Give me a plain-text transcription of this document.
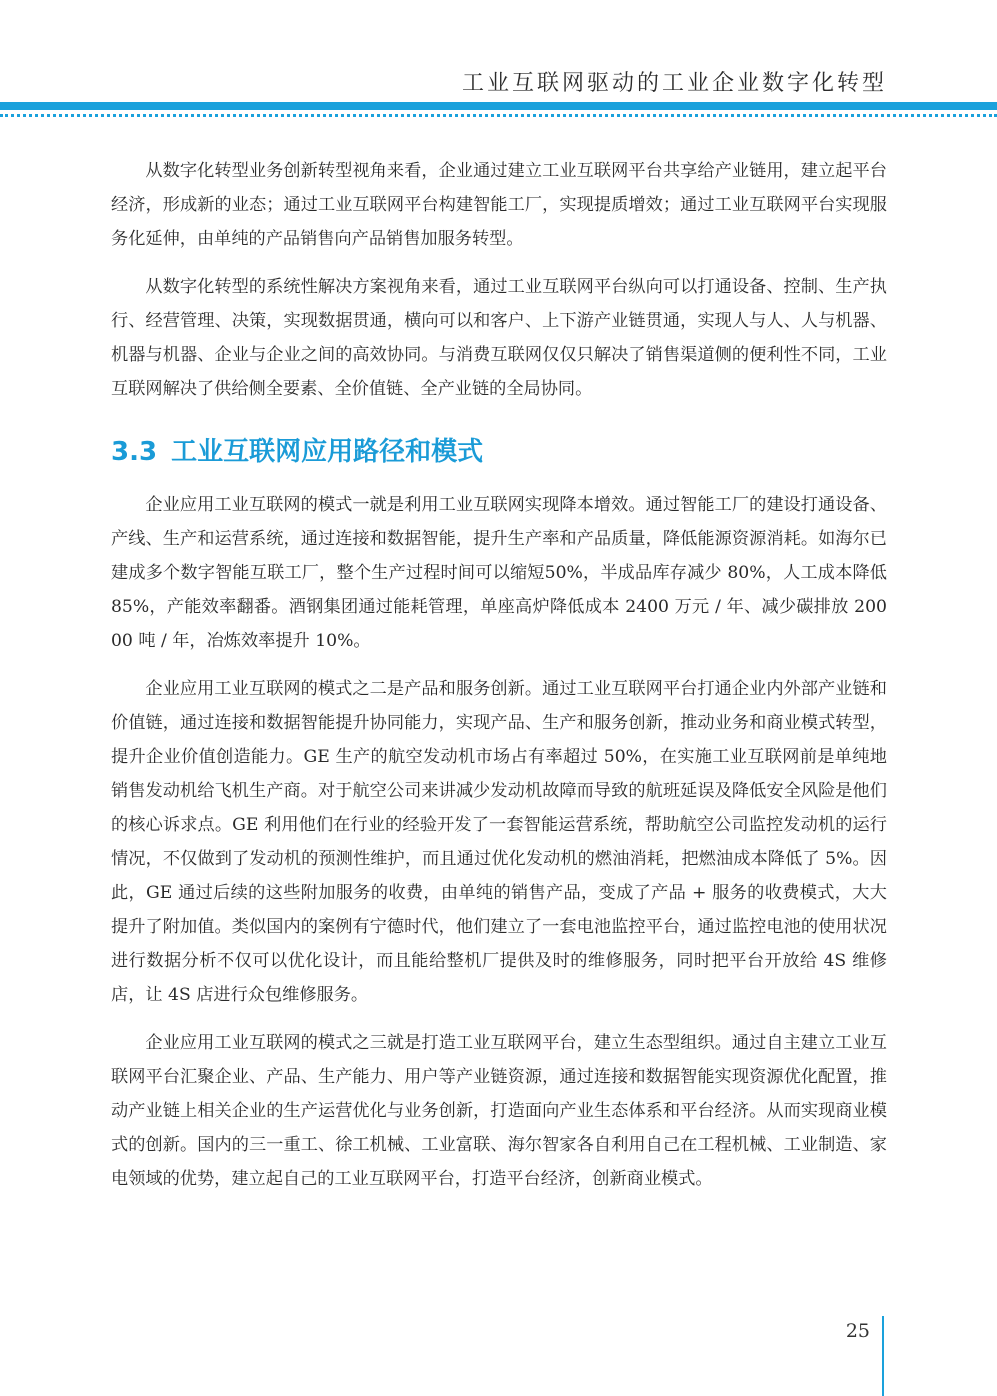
工业互联网驱动的工业企业数字化转型

从数字化转型业务创新转型视角来看，企业通过建立工业互联网平台共享给产业链用，建立起平台经济，形成新的业态；通过工业互联网平台构建智能工厂，实现提质增效；通过工业互联网平台实现服务化延伸，由单纯的产品销售向产品销售加服务转型。

从数字化转型的系统性解决方案视角来看，通过工业互联网平台纵向可以打通设备、控制、生产执行、经营管理、决策，实现数据贯通，横向可以和客户、上下游产业链贯通，实现人与人、人与机器、机器与机器、企业与企业之间的高效协同。与消费互联网仅仅只解决了销售渠道侧的便利性不同，工业互联网解决了供给侧全要素、全价值链、全产业链的全局协同。

3.3 工业互联网应用路径和模式

企业应用工业互联网的模式一就是利用工业互联网实现降本增效。通过智能工厂的建设打通设备、产线、生产和运营系统，通过连接和数据智能，提升生产率和产品质量，降低能源资源消耗。如海尔已建成多个数字智能互联工厂，整个生产过程时间可以缩短50%，半成品库存减少 80%，人工成本降低 85%，产能效率翻番。酒钢集团通过能耗管理，单座高炉降低成本 2400 万元 / 年、减少碳排放 20000 吨 / 年，冶炼效率提升 10%。

企业应用工业互联网的模式之二是产品和服务创新。通过工业互联网平台打通企业内外部产业链和价值链，通过连接和数据智能提升协同能力，实现产品、生产和服务创新，推动业务和商业模式转型，提升企业价值创造能力。GE 生产的航空发动机市场占有率超过 50%，在实施工业互联网前是单纯地销售发动机给飞机生产商。对于航空公司来讲减少发动机故障而导致的航班延误及降低安全风险是他们的核心诉求点。GE 利用他们在行业的经验开发了一套智能运营系统，帮助航空公司监控发动机的运行情况，不仅做到了发动机的预测性维护，而且通过优化发动机的燃油消耗，把燃油成本降低了 5%。因此，GE 通过后续的这些附加服务的收费，由单纯的销售产品，变成了产品 + 服务的收费模式，大大提升了附加值。类似国内的案例有宁德时代，他们建立了一套电池监控平台，通过监控电池的使用状况进行数据分析不仅可以优化设计，而且能给整机厂提供及时的维修服务，同时把平台开放给 4S 维修店，让 4S 店进行众包维修服务。

企业应用工业互联网的模式之三就是打造工业互联网平台，建立生态型组织。通过自主建立工业互联网平台汇聚企业、产品、生产能力、用户等产业链资源，通过连接和数据智能实现资源优化配置，推动产业链上相关企业的生产运营优化与业务创新，打造面向产业生态体系和平台经济。从而实现商业模式的创新。国内的三一重工、徐工机械、工业富联、海尔智家各自利用自己在工程机械、工业制造、家电领域的优势，建立起自己的工业互联网平台，打造平台经济，创新商业模式。

25
